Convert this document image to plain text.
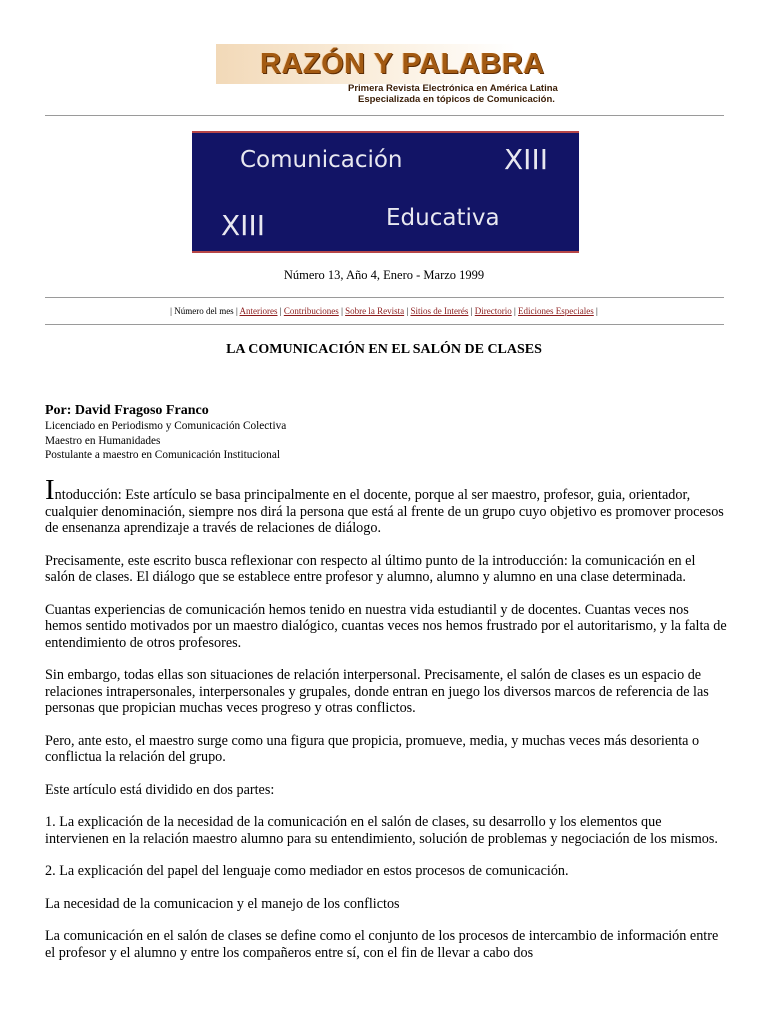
RAZÓN Y PALABRA
Primera Revista Electrónica en América Latina
Especializada en tópicos de Comunicación.
Comunicación	XIII
XIII	Educativa
Número 13, Año 4, Enero - Marzo 1999
| Número del mes | Anteriores | Contribuciones | Sobre la Revista | Sitios de Interés | Directorio | Ediciones Especiales |
LA COMUNICACIÓN EN EL SALÓN DE CLASES
Por: David Fragoso Franco
Licenciado en Periodismo y Comunicación Colectiva
Maestro en Humanidades
Postulante a maestro en Comunicación Institucional

Intoducción: Este artículo se basa principalmente en el docente, porque al ser maestro, profesor, guia, orientador, cualquier denominación, siempre nos dirá la persona que está al frente de un grupo cuyo objetivo es promover procesos de ensenanza aprendizaje a través de relaciones de diálogo.

Precisamente, este escrito busca reflexionar con respecto al último punto de la introducción: la comunicación en el salón de clases. El diálogo que se establece entre profesor y alumno, alumno y alumno en una clase determinada.

Cuantas experiencias de comunicación hemos tenido en nuestra vida estudiantil y de docentes. Cuantas veces nos hemos sentido motivados por un maestro dialógico, cuantas veces nos hemos frustrado por el autoritarismo, y la falta de entendimiento de otros profesores.

Sin embargo, todas ellas son situaciones de relación interpersonal. Precisamente, el salón de clases es un espacio de relaciones intrapersonales, interpersonales y grupales, donde entran en juego los diversos marcos de referencia de las personas que propician muchas veces progreso y otras conflictos.

Pero, ante esto, el maestro surge como una figura que propicia, promueve, media, y muchas veces más desorienta o conflictua la relación del grupo.

Este artículo está dividido en dos partes:

1. La explicación de la necesidad de la comunicación en el salón de clases, su desarrollo y los elementos que intervienen en la relación maestro alumno para su entendimiento, solución de problemas y negociación de los mismos.

2. La explicación del papel del lenguaje como mediador en estos procesos de comunicación.

La necesidad de la comunicacion y el manejo de los conflictos

La comunicación en el salón de clases se define como el conjunto de los procesos de intercambio de información entre el profesor y el alumno y entre los compañeros entre sí, con el fin de llevar a cabo dos
